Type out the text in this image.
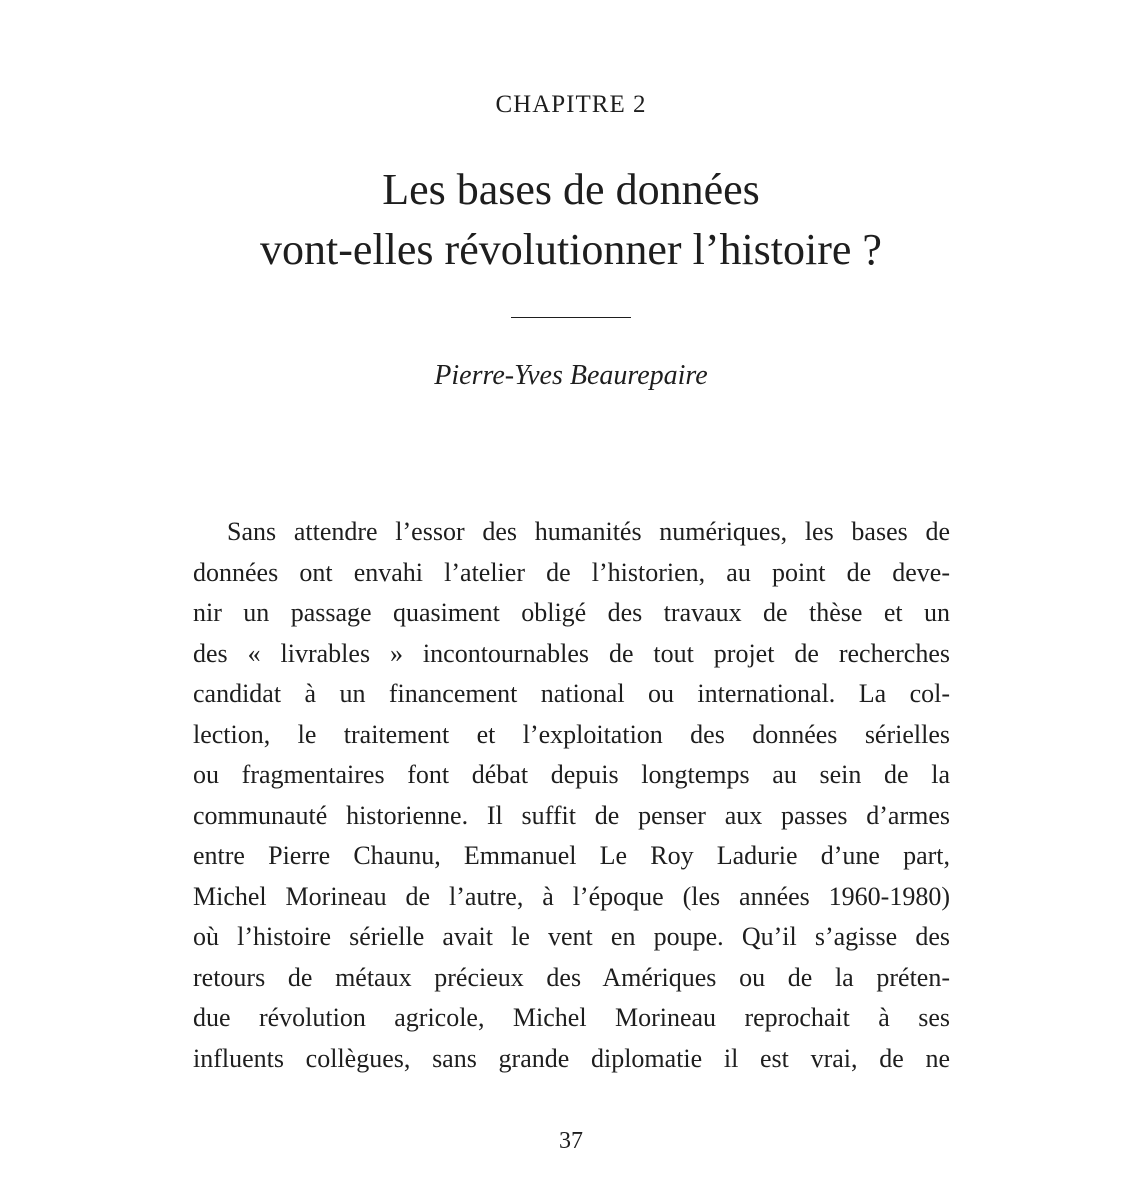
CHAPITRE 2
Les bases de données
vont-elles révolutionner l’histoire ?
Pierre-Yves Beaurepaire
Sans attendre l’essor des humanités numériques, les bases de
données ont envahi l’atelier de l’historien, au point de deve-
nir un passage quasiment obligé des travaux de thèse et un
des « livrables » incontournables de tout projet de recherches
candidat à un financement national ou international. La col-
lection, le traitement et l’exploitation des données sérielles
ou fragmentaires font débat depuis longtemps au sein de la
communauté historienne. Il suffit de penser aux passes d’armes
entre Pierre Chaunu, Emmanuel Le Roy Ladurie d’une part,
Michel Morineau de l’autre, à l’époque (les années 1960-1980)
où l’histoire sérielle avait le vent en poupe. Qu’il s’agisse des
retours de métaux précieux des Amériques ou de la préten-
due révolution agricole, Michel Morineau reprochait à ses
influents collègues, sans grande diplomatie il est vrai, de ne
37
